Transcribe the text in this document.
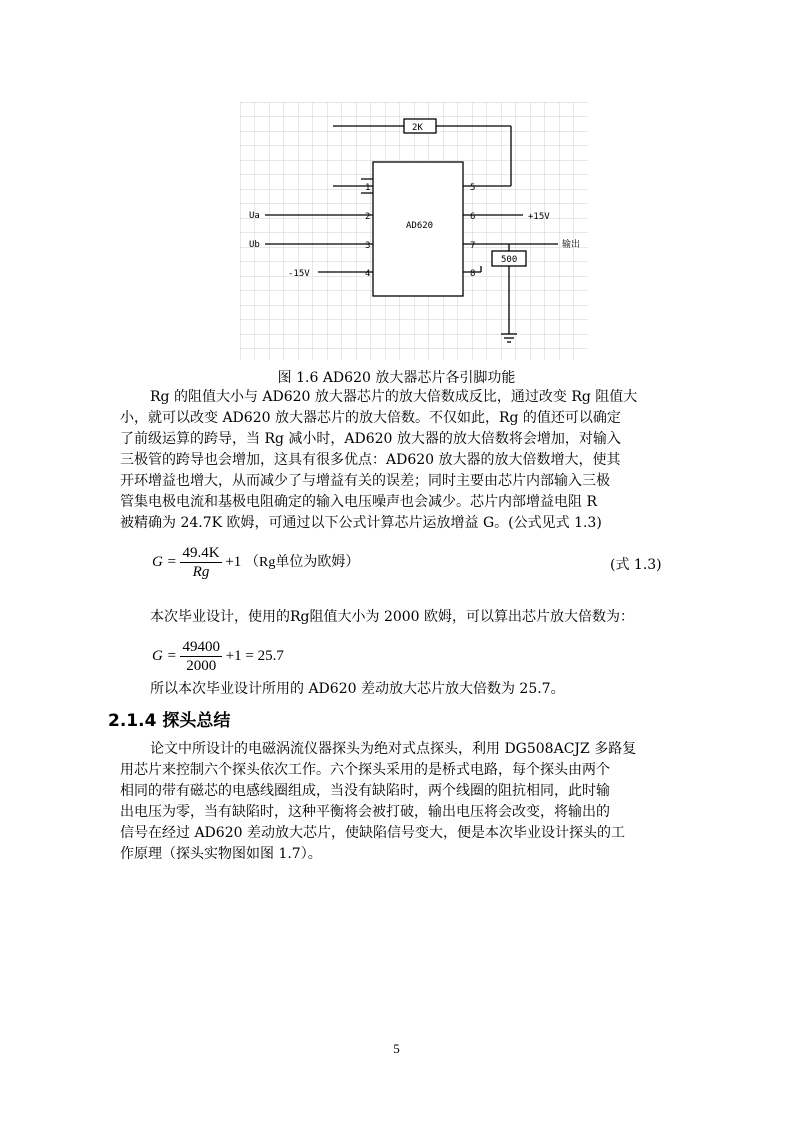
2K
500
AD620
1
2
3
4
5
6
7
8
Ua
Ub
-15V
+15V
输出
图 1.6 AD620 放大器芯片各引脚功能
Rg 的阻值大小与 AD620 放大器芯片的放大倍数成反比，通过改变 Rg 阻值大
小，就可以改变 AD620 放大器芯片的放大倍数。不仅如此，Rg 的值还可以确定
了前级运算的跨导，当 Rg 减小时，AD620 放大器的放大倍数将会增加，对输入
三极管的跨导也会增加，这具有很多优点：AD620 放大器的放大倍数增大，使其
开环增益也增大，从而减少了与增益有关的误差；同时主要由芯片内部输入三极
管集电极电流和基极电阻确定的输入电压噪声也会减少。芯片内部增益电阻 R
被精确为 24.7K 欧姆，可通过以下公式计算芯片运放增益 G。(公式见式 1.3)
$G = \frac{49.4K}{Rg} +1$ （Rg单位为欧姆）	(式 1.3)
本次毕业设计，使用的Rg阻值大小为 2000 欧姆，可以算出芯片放大倍数为：
$G = \frac{49400}{2000} +1 = 25.7$
所以本次毕业设计所用的 AD620 差动放大芯片放大倍数为 25.7。
2.1.4 探头总结
论文中所设计的电磁涡流仪器探头为绝对式点探头，利用 DG508ACJZ 多路复
用芯片来控制六个探头依次工作。六个探头采用的是桥式电路，每个探头由两个
相同的带有磁芯的电感线圈组成，当没有缺陷时，两个线圈的阻抗相同，此时输
出电压为零，当有缺陷时，这种平衡将会被打破，输出电压将会改变，将输出的
信号在经过 AD620 差动放大芯片，使缺陷信号变大，便是本次毕业设计探头的工
作原理（探头实物图如图 1.7）。
5
